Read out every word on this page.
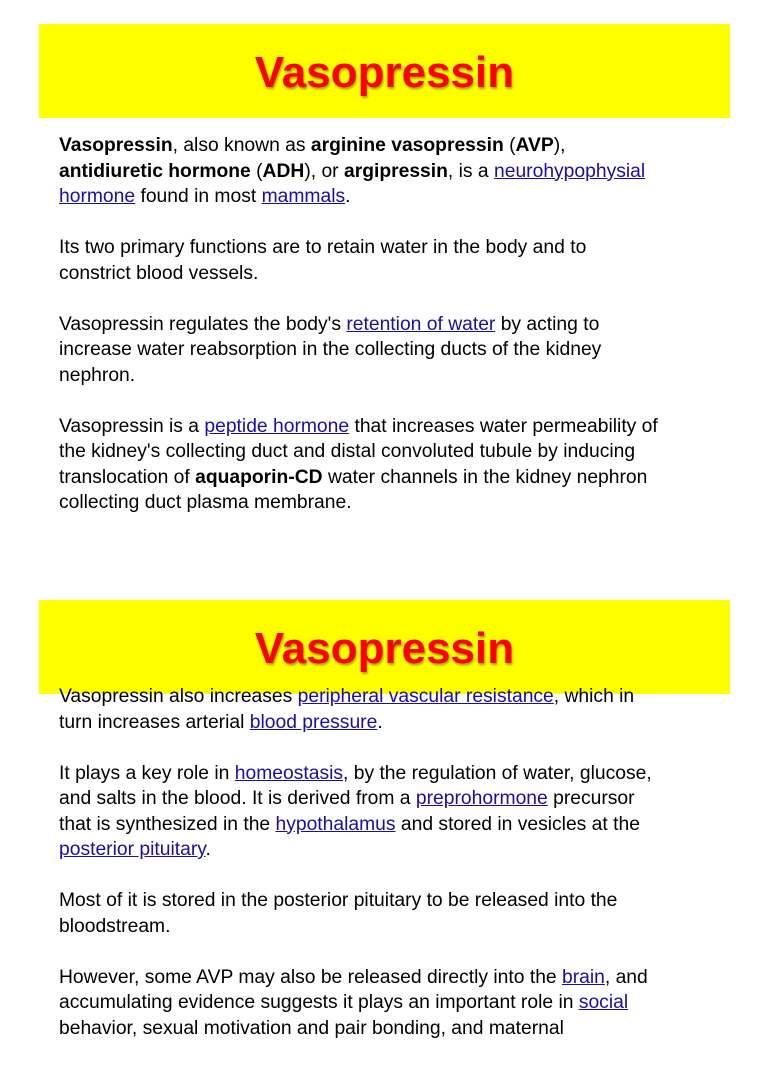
Vasopressin

Vasopressin, also known as arginine vasopressin (AVP),
antidiuretic hormone (ADH), or argipressin, is a neurohypophysial
hormone found in most mammals.

Its two primary functions are to retain water in the body and to
constrict blood vessels.

Vasopressin regulates the body's retention of water by acting to
increase water reabsorption in the collecting ducts of the kidney
nephron.

Vasopressin is a peptide hormone that increases water permeability of
the kidney's collecting duct and distal convoluted tubule by inducing
translocation of aquaporin-CD water channels in the kidney nephron
collecting duct plasma membrane.

Vasopressin

Vasopressin also increases peripheral vascular resistance, which in
turn increases arterial blood pressure.

It plays a key role in homeostasis, by the regulation of water, glucose,
and salts in the blood. It is derived from a preprohormone precursor
that is synthesized in the hypothalamus and stored in vesicles at the
posterior pituitary.

Most of it is stored in the posterior pituitary to be released into the
bloodstream.

However, some AVP may also be released directly into the brain, and
accumulating evidence suggests it plays an important role in social
behavior, sexual motivation and pair bonding, and maternal
